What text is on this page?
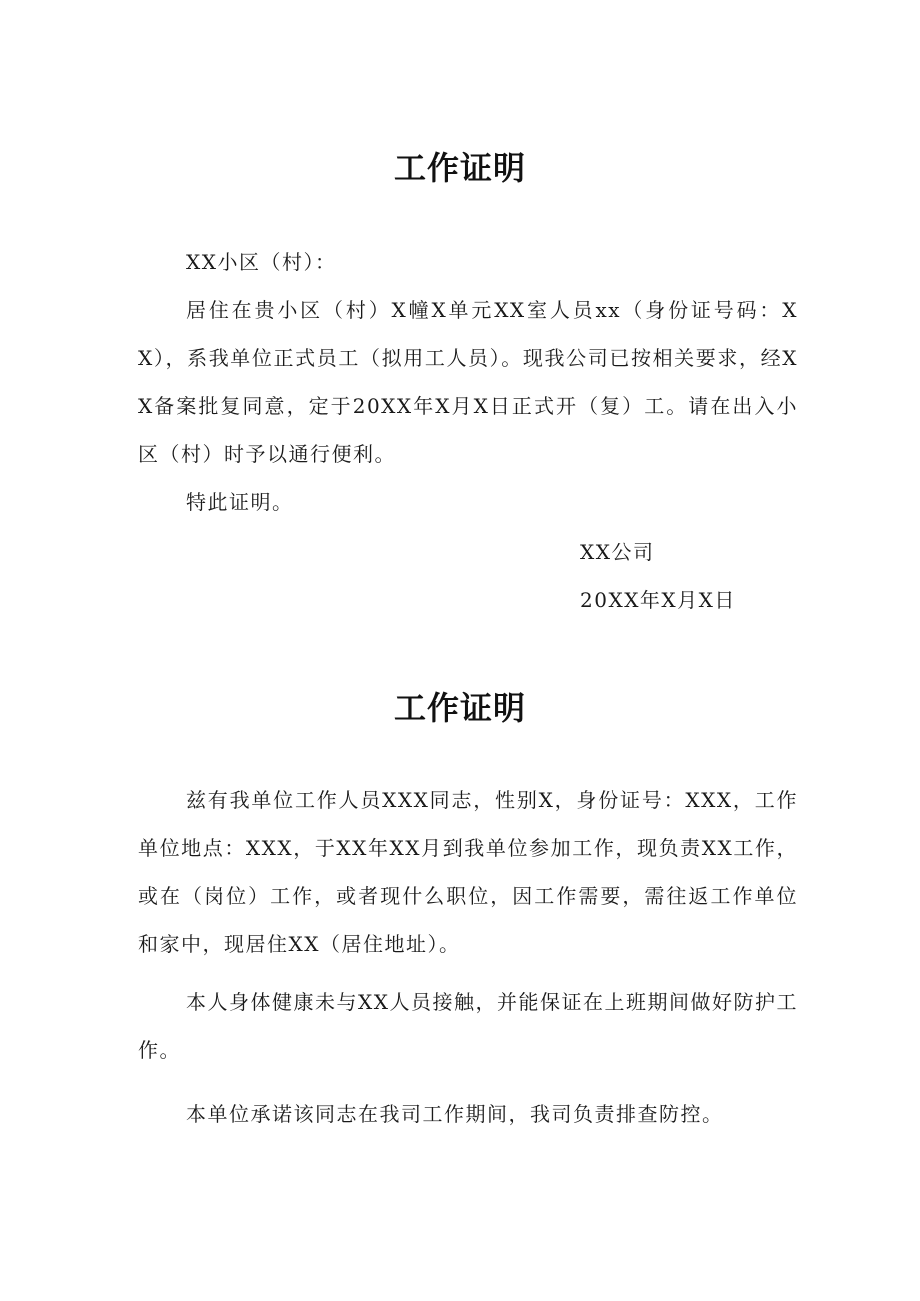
工作证明

XX小区（村）：

居住在贵小区（村）X幢X单元XX室人员xx（身份证号码：XX），系我单位正式员工（拟用工人员）。现我公司已按相关要求，经XX备案批复同意，定于20XX年X月X日正式开（复）工。请在出入小区（村）时予以通行便利。

特此证明。

XX公司

20XX年X月X日

工作证明

兹有我单位工作人员XXX同志，性别X，身份证号：XXX，工作单位地点：XXX，于XX年XX月到我单位参加工作，现负责XX工作，或在（岗位）工作，或者现什么职位，因工作需要，需往返工作单位和家中，现居住XX（居住地址）。

本人身体健康未与XX人员接触，并能保证在上班期间做好防护工作。

本单位承诺该同志在我司工作期间，我司负责排查防控。
